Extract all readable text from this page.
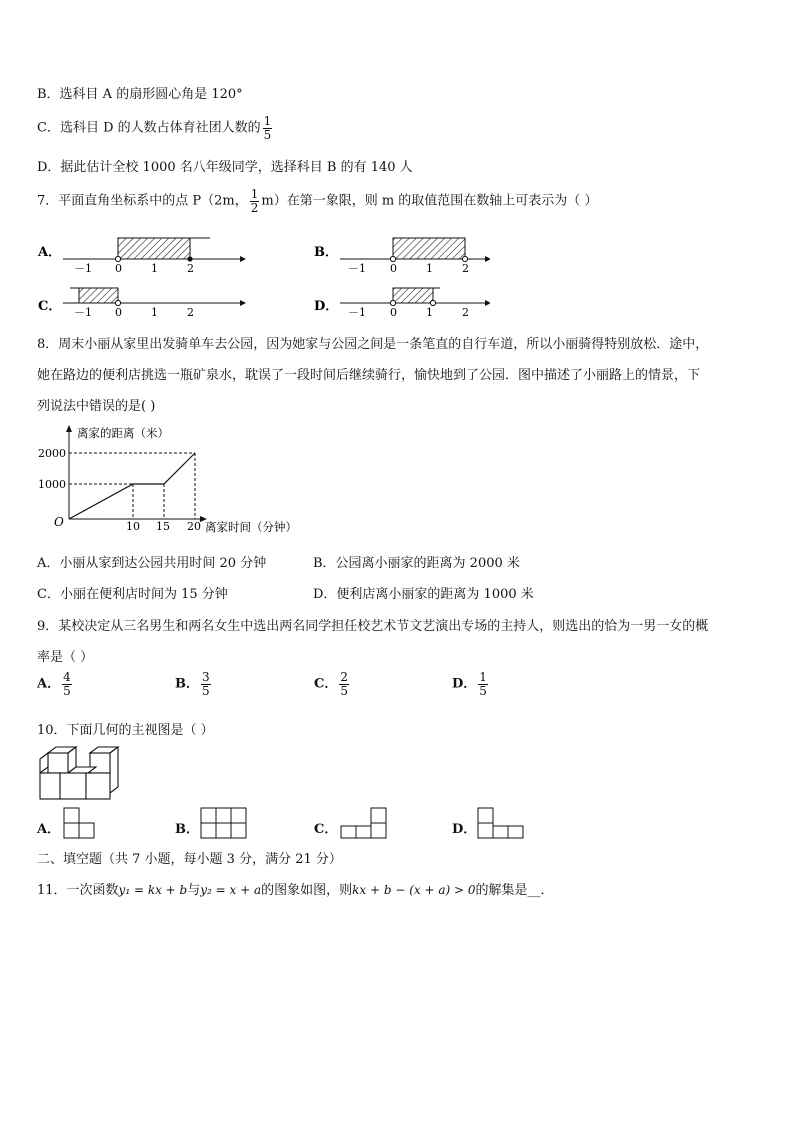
B．选科目 A 的扇形圆心角是 120°
C．选科目 D 的人数占体育社团人数的 $\frac{1}{5}$
D．据此估计全校 1000 名八年级同学，选择科目 B 的有 140 人
7．平面直角坐标系中的点 P（2m， $\frac{1}{2} m$）在第一象限，则 m 的取值范围在数轴上可表示为（ ）
A．
－1 0	1	2
B．
－1 0	1	2
C． －1 0	1	2	D． －1 0	1	2
8．周末小丽从家里出发骑单车去公园，因为她家与公园之间是一条笔直的自行车道，所以小丽骑得特别放松．途中，
她在路边的便利店挑选一瓶矿泉水，耽误了一段时间后继续骑行，愉快地到了公园．图中描述了小丽路上的情景，下
列说法中错误的是( )
离家的距离（米）
离家时间（分钟）
O
2000
1000
10 15 20
A．小丽从家到达公园共用时间 20 分钟	B．公园离小丽家的距离为 2000 米
C．小丽在便利店时间为 15 分钟	D．便利店离小丽家的距离为 1000 米
9．某校决定从三名男生和两名女生中选出两名同学担任校艺术节文艺演出专场的主持人，则选出的恰为一男一女的概
率是（ ）
A． $\frac{4}{5}$	B． $\frac{3}{5}$	C． $\frac{2}{5}$	D． $\frac{1}{5}$
10．下面几何的主视图是（ ）
A．	B．	C．	D．
二、填空题（共 7 小题，每小题 3 分，满分 21 分）
11．一次函数y₁ = kx + b与y₂ = x + a的图象如图，则kx + b − (x + a) > 0的解集是__．
